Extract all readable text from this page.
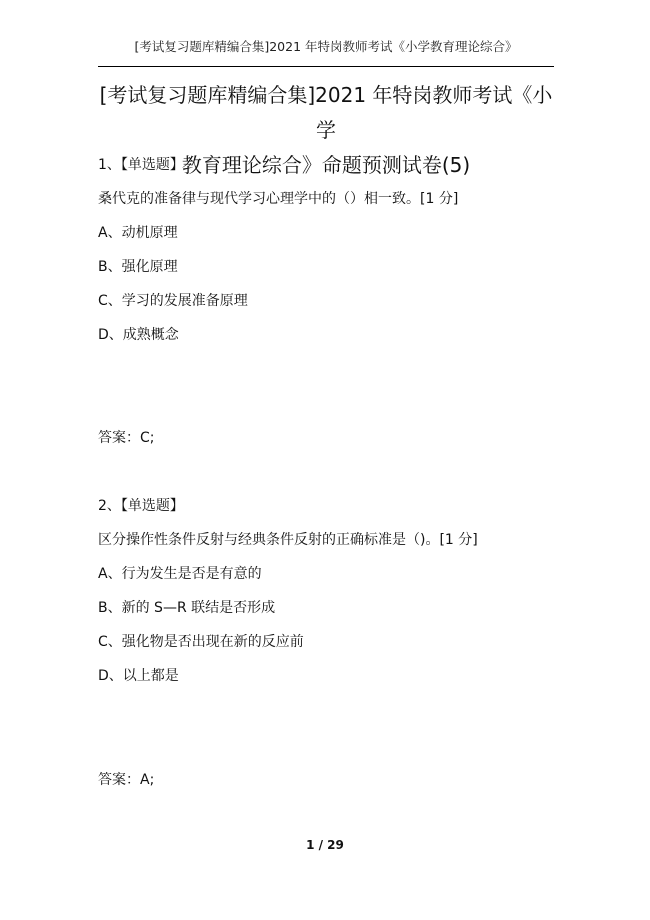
[考试复习题库精编合集]2021 年特岗教师考试《小学教育理论综合》
[考试复习题库精编合集]2021 年特岗教师考试《小学
教育理论综合》命题预测试卷(5)
1、【单选题】
桑代克的准备律与现代学习心理学中的（）相一致。[1 分]
A、动机原理
B、强化原理
C、学习的发展准备原理
D、成熟概念
答案：C;
2、【单选题】
区分操作性条件反射与经典条件反射的正确标准是（)。[1 分]
A、行为发生是否是有意的
B、新的 S—R 联结是否形成
C、强化物是否出现在新的反应前
D、以上都是
答案：A;
1 / 29
